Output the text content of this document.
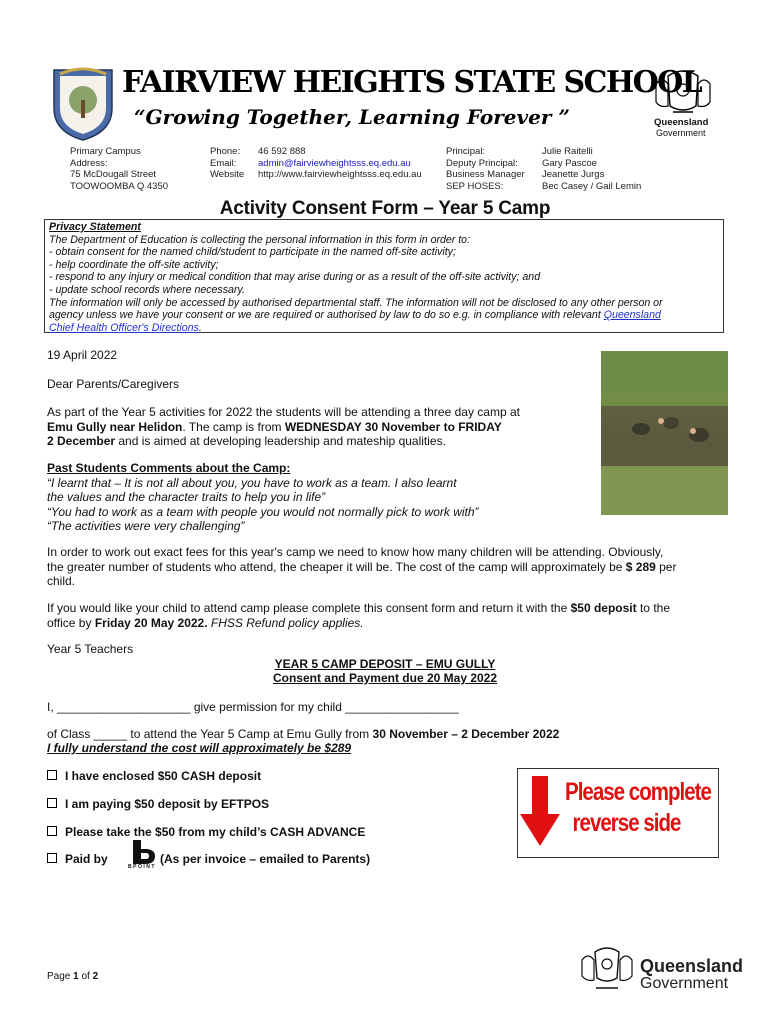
FAIRVIEW HEIGHTS STATE SCHOOL
“Growing Together, Learning Forever ”	Queensland
Government
Primary Campus
Address:
75 McDougall Street
TOOWOOMBA Q 4350
Phone:
Email:
Website
46 592 888
admin@fairviewheightsss.eq.edu.au
http://www.fairviewheightsss.eq.edu.au
Principal:
Deputy Principal:
Business Manager
SEP HOSES:
Julie Raitelli
Gary Pascoe
Jeanette Jurgs
Bec Casey / Gail Lemin
Activity Consent Form – Year 5 Camp
Privacy Statement
The Department of Education is collecting the personal information in this form in order to:
- obtain consent for the named child/student to participate in the named off-site activity;
- help coordinate the off-site activity;
- respond to any injury or medical condition that may arise during or as a result of the off-site activity; and
- update school records where necessary.
The information will only be accessed by authorised departmental staff. The information will not be disclosed to any other person or
agency unless we have your consent or we are required or authorised by law to do so e.g. in compliance with relevant Queensland
Chief Health Officer's Directions.
19 April 2022
Dear Parents/Caregivers
As part of the Year 5 activities for 2022 the students will be attending a three day camp at
Emu Gully near Helidon. The camp is from WEDNESDAY 30 November to FRIDAY
2 December and is aimed at developing leadership and mateship qualities.
Past Students Comments about the Camp:
“I learnt that – It is not all about you, you have to work as a team. I also learnt
the values and the character traits to help you in life”
“You had to work as a team with people you would not normally pick to work with”
“The activities were very challenging”
In order to work out exact fees for this year's camp we need to know how many children will be attending. Obviously,
the greater number of students who attend, the cheaper it will be. The cost of the camp will approximately be $ 289 per
child.
If you would like your child to attend camp please complete this consent form and return it with the $50 deposit to the
office by Friday 20 May 2022. FHSS Refund policy applies.
Year 5 Teachers
YEAR 5 CAMP DEPOSIT – EMU GULLY
Consent and Payment due 20 May 2022
I, ____________________ give permission for my child _________________
of Class _____ to attend the Year 5 Camp at Emu Gully from 30 November – 2 December 2022
I fully understand the cost will approximately be $289
I have enclosed $50 CASH deposit
I am paying $50 deposit by EFTPOS
Please take the $50 from my child’s CASH ADVANCE
Paid by
BPOINT
(As per invoice – emailed to Parents)
Please complete
reverse side
Page 1 of 2
Queensland
Government
